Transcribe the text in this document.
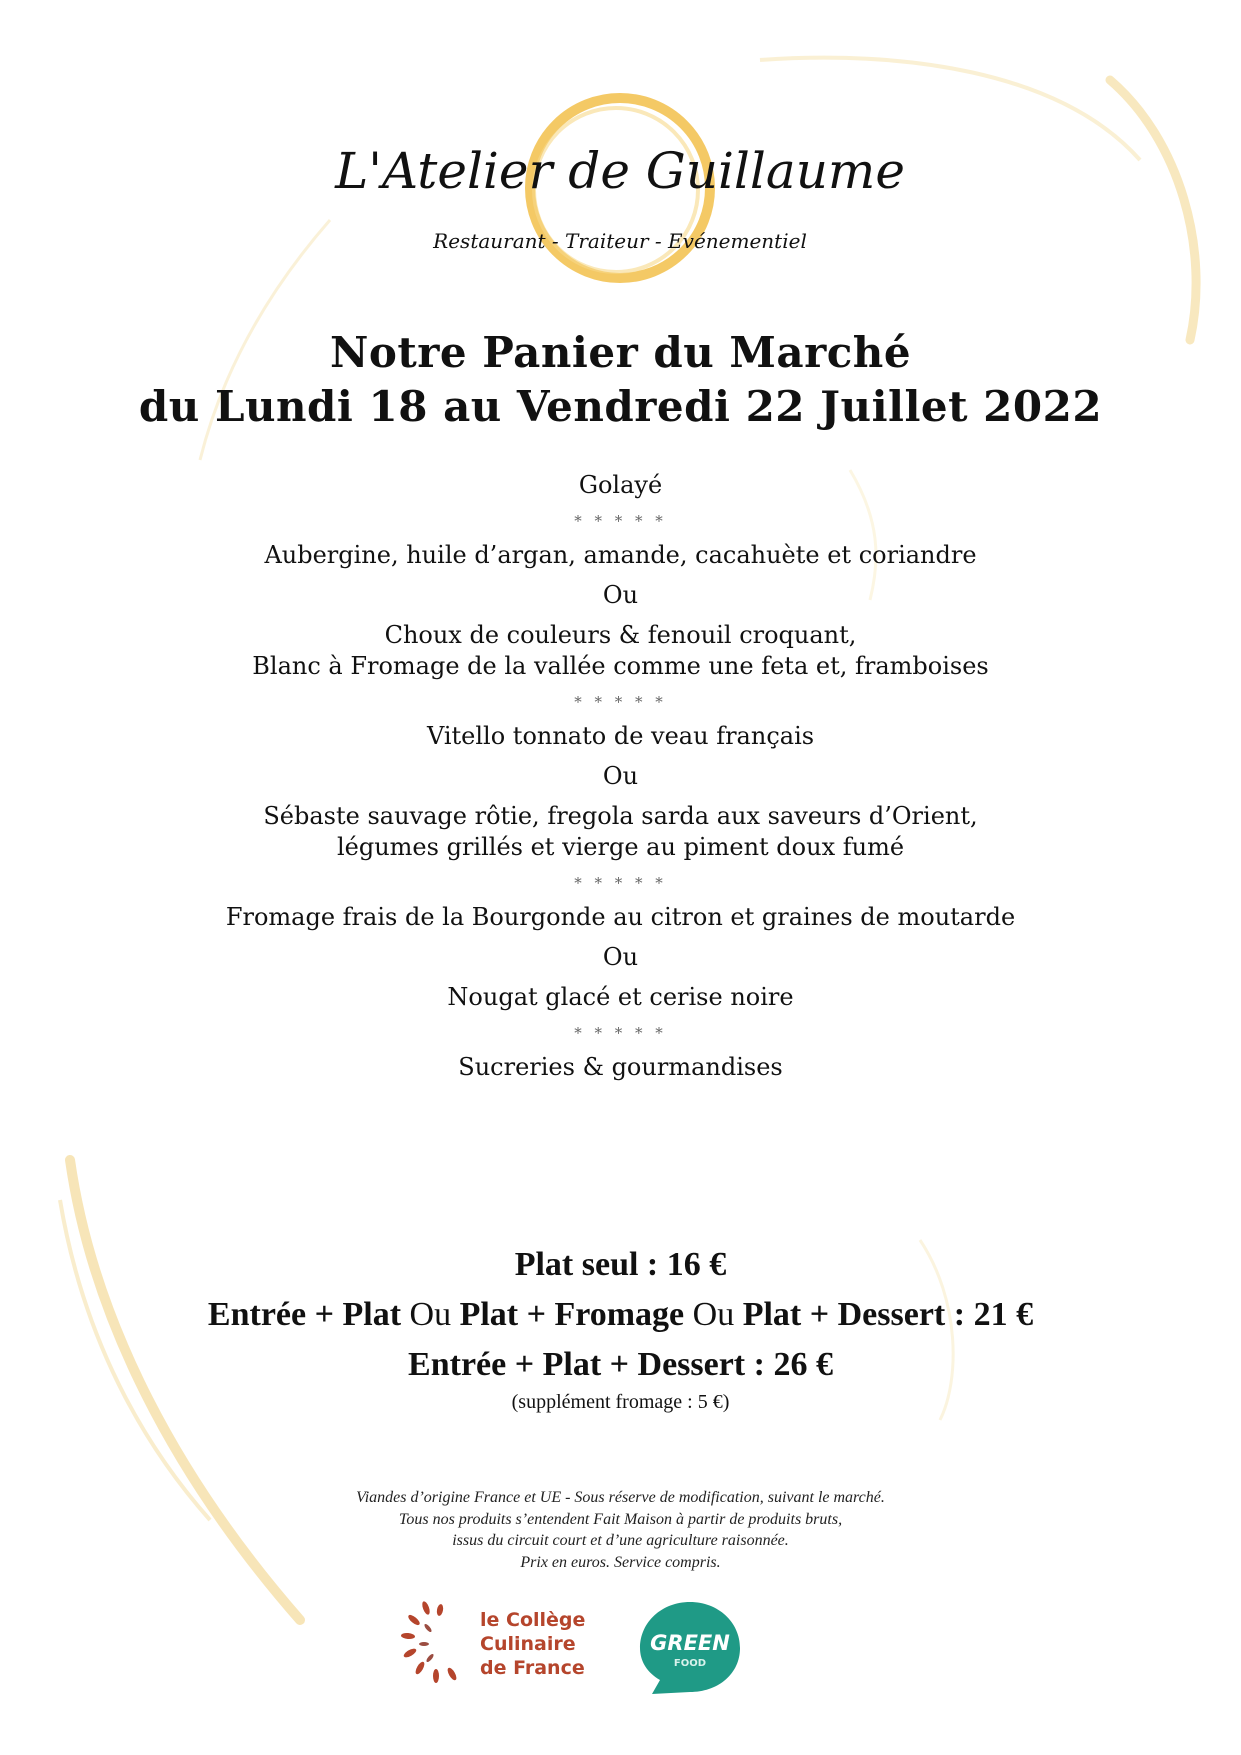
L'Atelier de Guillaume
Restaurant - Traiteur - Evénementiel
Notre Panier du Marché
du Lundi 18 au Vendredi 22 Juillet 2022
Golayé
* * * * *
Aubergine, huile d’argan, amande, cacahuète et coriandre
Ou
Choux de couleurs & fenouil croquant,
Blanc à Fromage de la vallée comme une feta et, framboises
* * * * *
Vitello tonnato de veau français
Ou
Sébaste sauvage rôtie, fregola sarda aux saveurs d’Orient,
légumes grillés et vierge au piment doux fumé
* * * * *
Fromage frais de la Bourgonde au citron et graines de moutarde
Ou
Nougat glacé et cerise noire
* * * * *
Sucreries & gourmandises
Plat seul : 16 €
Entrée + Plat Ou Plat + Fromage Ou Plat + Dessert : 21 €
Entrée + Plat + Dessert : 26 €
(supplément fromage : 5 €)
Viandes d’origine France et UE - Sous réserve de modification, suivant le marché.
Tous nos produits s’entendent Fait Maison à partir de produits bruts,
issus du circuit court et d’une agriculture raisonnée.
Prix en euros. Service compris.
le Collège
Culinaire
de France
GREEN
FOOD
